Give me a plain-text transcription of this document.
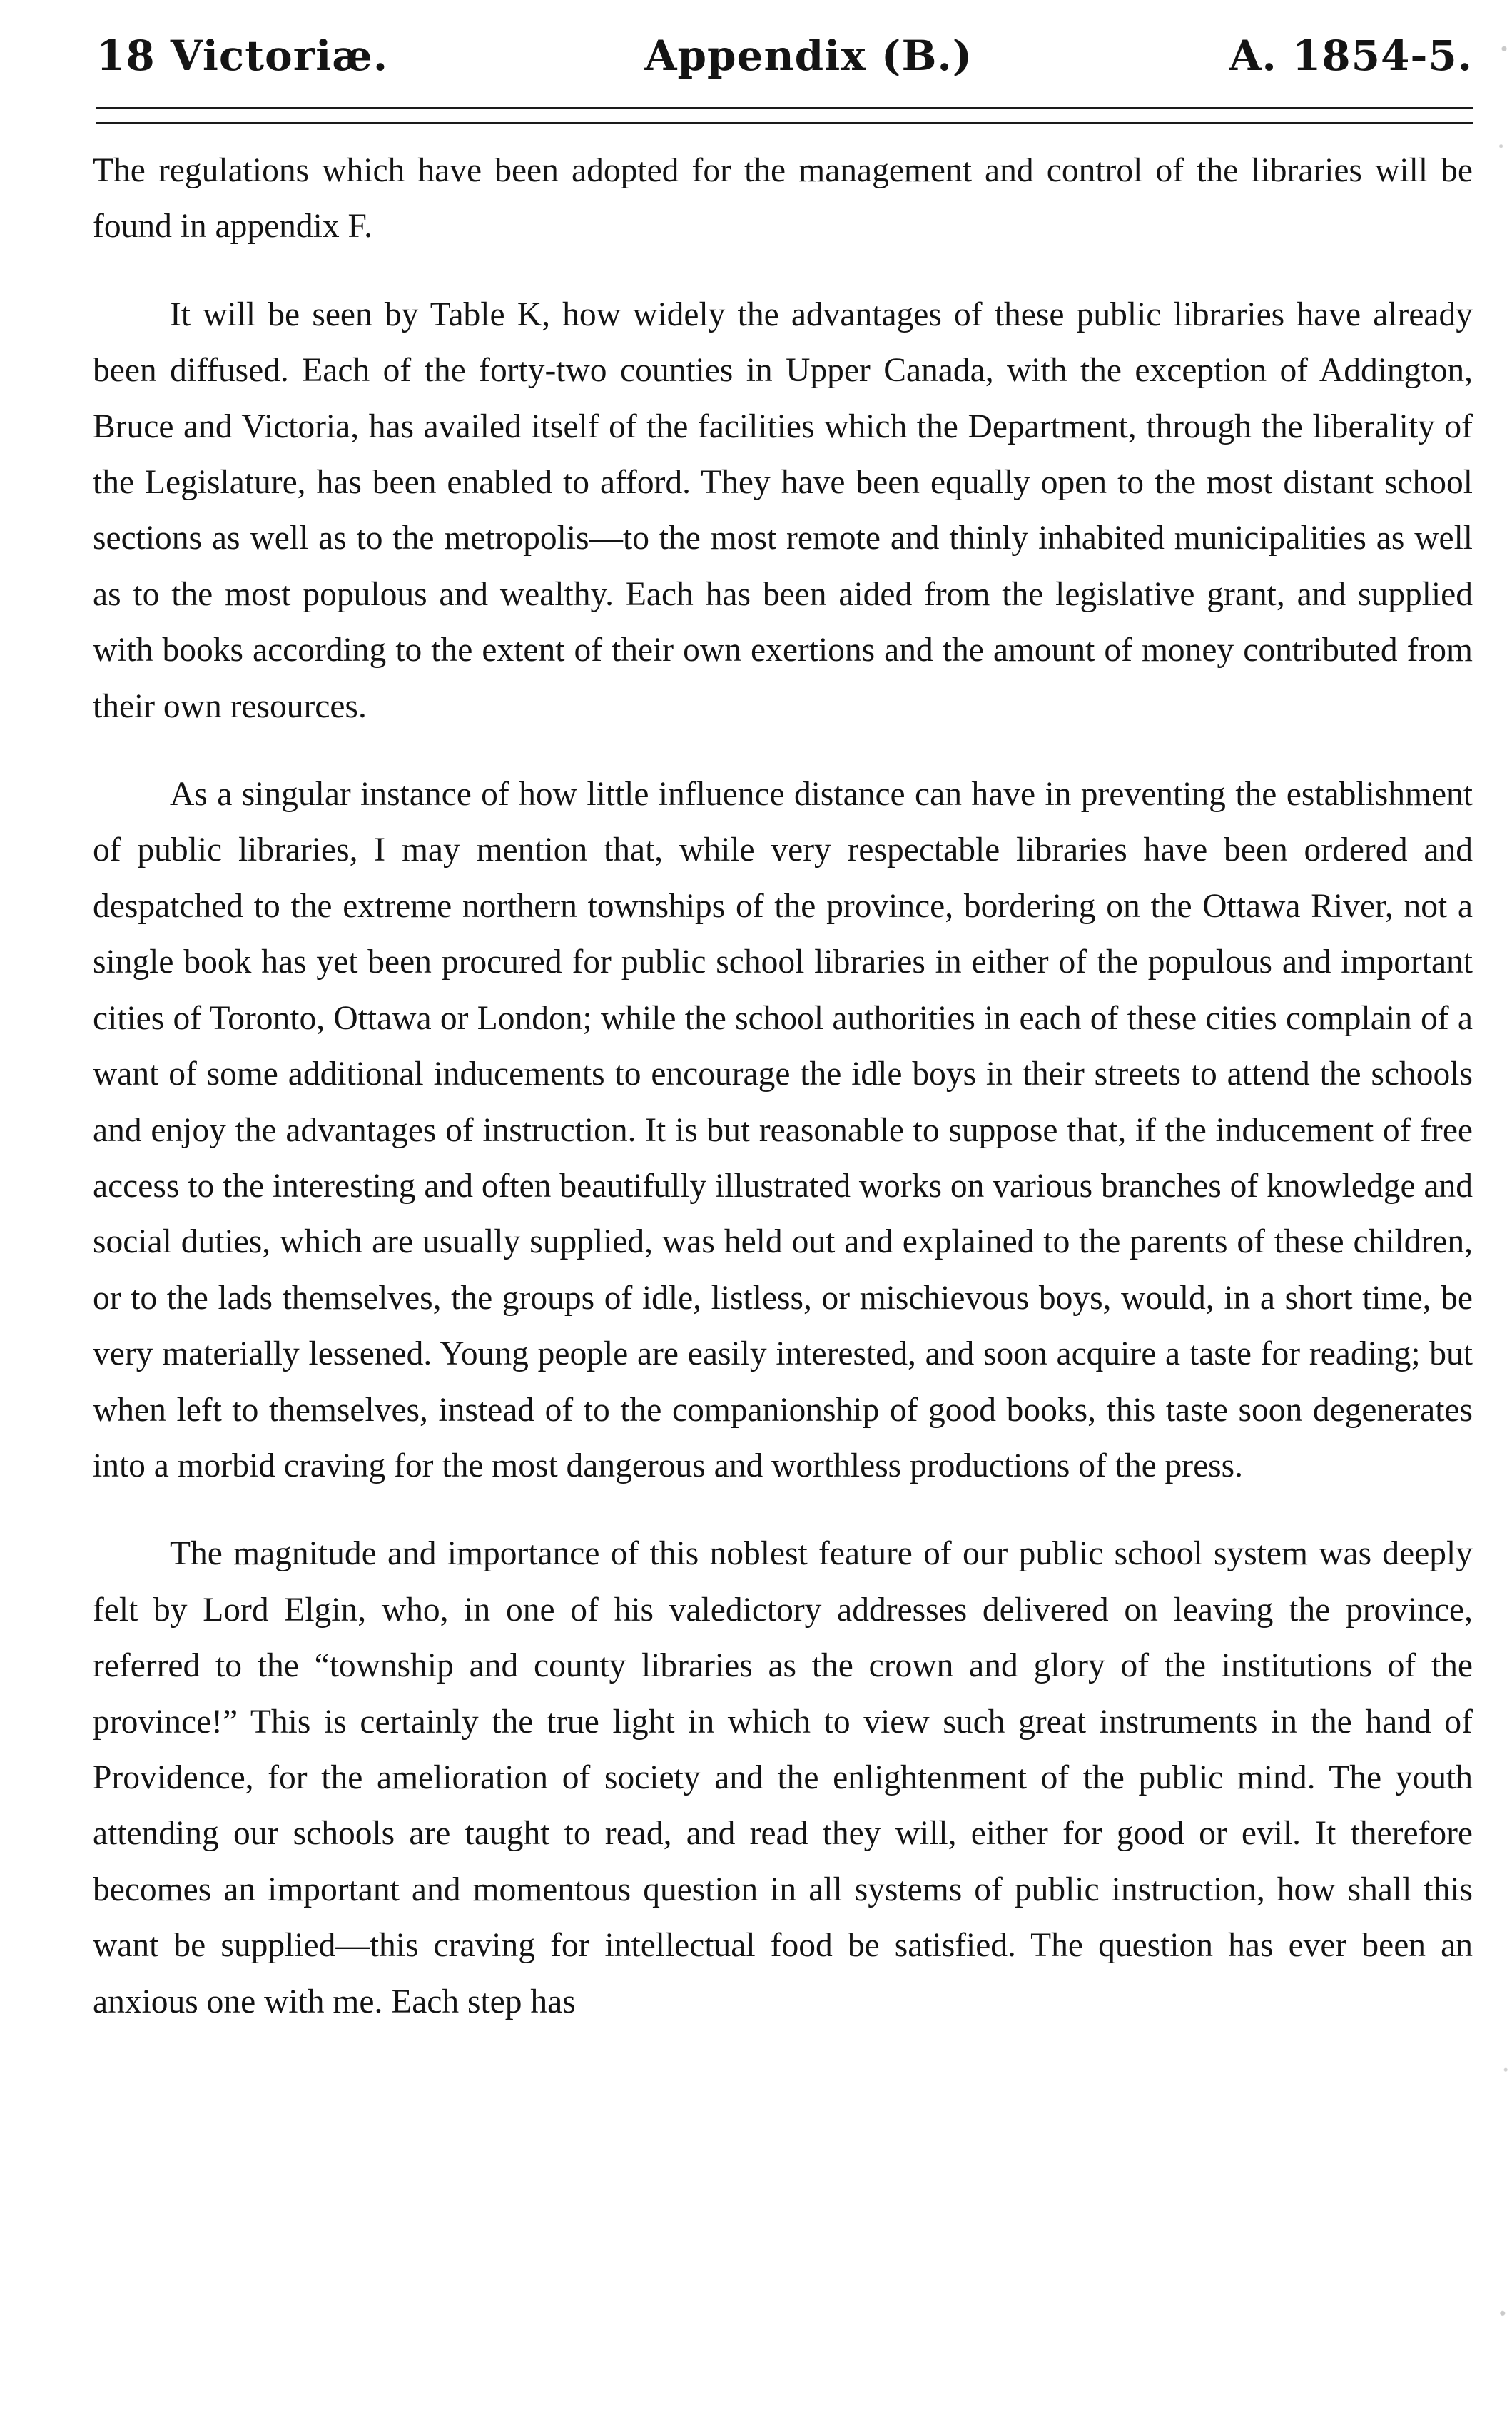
18 Victoriæ.	Appendix (B.)	A. 1854-5.

The regulations which have been adopted for the management and control of the libraries will be found in appendix F.

It will be seen by Table K, how widely the advantages of these public libraries have already been diffused. Each of the forty-two counties in Upper Canada, with the exception of Addington, Bruce and Victoria, has availed itself of the facilities which the Department, through the liberality of the Legislature, has been enabled to afford. They have been equally open to the most distant school sections as well as to the metropolis—to the most remote and thinly inhabited municipalities as well as to the most populous and wealthy. Each has been aided from the legislative grant, and supplied with books according to the extent of their own exertions and the amount of money contributed from their own resources.

As a singular instance of how little influence distance can have in preventing the establishment of public libraries, I may mention that, while very respectable libraries have been ordered and despatched to the extreme northern townships of the province, bordering on the Ottawa River, not a single book has yet been procured for public school libraries in either of the populous and important cities of Toronto, Ottawa or London; while the school authorities in each of these cities complain of a want of some additional inducements to encourage the idle boys in their streets to attend the schools and enjoy the advantages of instruction. It is but reasonable to suppose that, if the inducement of free access to the interesting and often beautifully illustrated works on various branches of knowledge and social duties, which are usually supplied, was held out and explained to the parents of these children, or to the lads themselves, the groups of idle, listless, or mischievous boys, would, in a short time, be very materially lessened. Young people are easily interested, and soon acquire a taste for reading; but when left to themselves, instead of to the companionship of good books, this taste soon degenerates into a morbid craving for the most dangerous and worthless productions of the press.

The magnitude and importance of this noblest feature of our public school system was deeply felt by Lord Elgin, who, in one of his valedictory addresses delivered on leaving the province, referred to the “township and county libraries as the crown and glory of the institutions of the province!” This is certainly the true light in which to view such great instruments in the hand of Providence, for the amelioration of society and the enlightenment of the public mind. The youth attending our schools are taught to read, and read they will, either for good or evil. It therefore becomes an important and momentous question in all systems of public instruction, how shall this want be supplied—this craving for intellectual food be satisfied. The question has ever been an anxious one with me. Each step has
